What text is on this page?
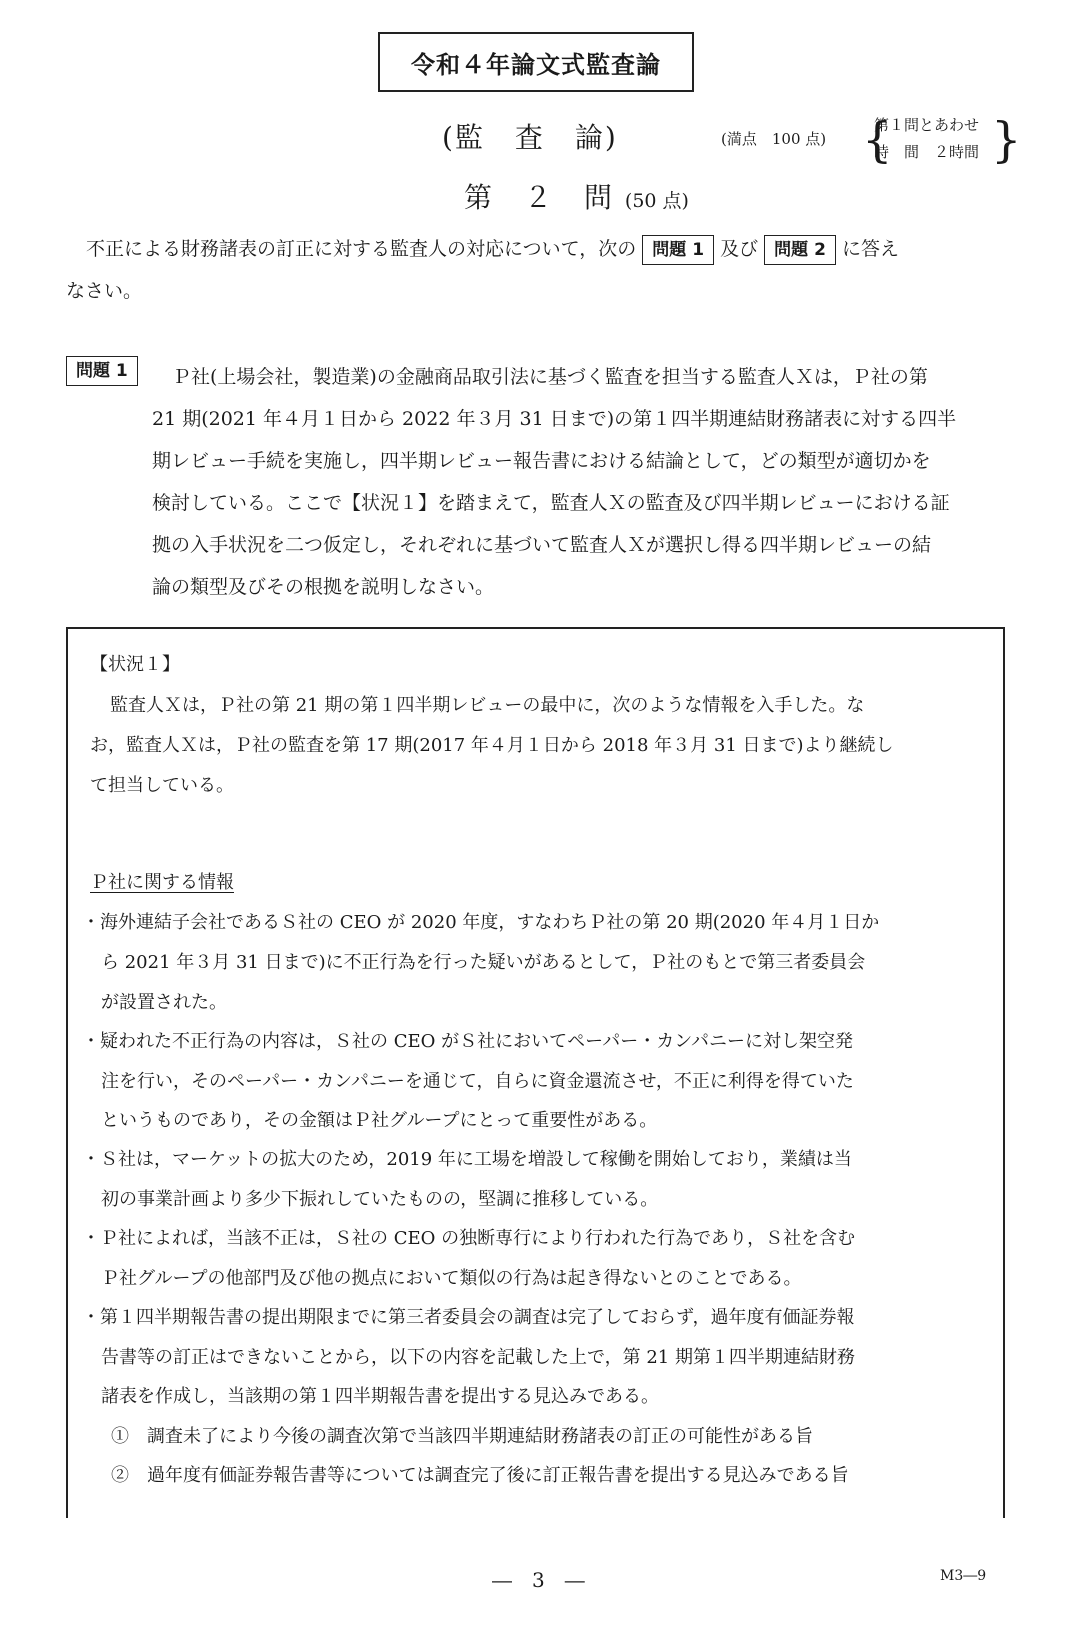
令和４年論文式監査論
(監　査　論)	(満点　100 点) {
第１問とあわせ
時　間　２時間 }
第　２　問 (50 点)
不正による財務諸表の訂正に対する監査人の対応について，次の 問題 1 及び 問題 2 に答え
なさい。
問題 1	Ｐ社(上場会社，製造業)の金融商品取引法に基づく監査を担当する監査人Ｘは，Ｐ社の第
21 期(2021 年４月１日から 2022 年３月 31 日まで)の第１四半期連結財務諸表に対する四半
期レビュー手続を実施し，四半期レビュー報告書における結論として，どの類型が適切かを
検討している。ここで【状況１】を踏まえて，監査人Ｘの監査及び四半期レビューにおける証
拠の入手状況を二つ仮定し，それぞれに基づいて監査人Ｘが選択し得る四半期レビューの結
論の類型及びその根拠を説明しなさい。
【状況１】
監査人Ｘは，Ｐ社の第 21 期の第１四半期レビューの最中に，次のような情報を入手した。な
お，監査人Ｘは，Ｐ社の監査を第 17 期(2017 年４月１日から 2018 年３月 31 日まで)より継続し
て担当している。
Ｐ社に関する情報
・海外連結子会社であるＳ社の CEO が 2020 年度，すなわちＰ社の第 20 期(2020 年４月１日か
ら 2021 年３月 31 日まで)に不正行為を行った疑いがあるとして，Ｐ社のもとで第三者委員会
が設置された。
・疑われた不正行為の内容は，Ｓ社の CEO がＳ社においてペーパー・カンパニーに対し架空発
注を行い，そのペーパー・カンパニーを通じて，自らに資金還流させ，不正に利得を得ていた
というものであり，その金額はＰ社グループにとって重要性がある。
・Ｓ社は，マーケットの拡大のため，2019 年に工場を増設して稼働を開始しており，業績は当
初の事業計画より多少下振れしていたものの，堅調に推移している。
・Ｐ社によれば，当該不正は，Ｓ社の CEO の独断専行により行われた行為であり，Ｓ社を含む
Ｐ社グループの他部門及び他の拠点において類似の行為は起き得ないとのことである。
・第１四半期報告書の提出期限までに第三者委員会の調査は完了しておらず，過年度有価証券報
告書等の訂正はできないことから，以下の内容を記載した上で，第 21 期第１四半期連結財務
諸表を作成し，当該期の第１四半期報告書を提出する見込みである。
①　調査未了により今後の調査次第で当該四半期連結財務諸表の訂正の可能性がある旨
②　過年度有価証券報告書等については調査完了後に訂正報告書を提出する見込みである旨
―　3　―	M3―9
